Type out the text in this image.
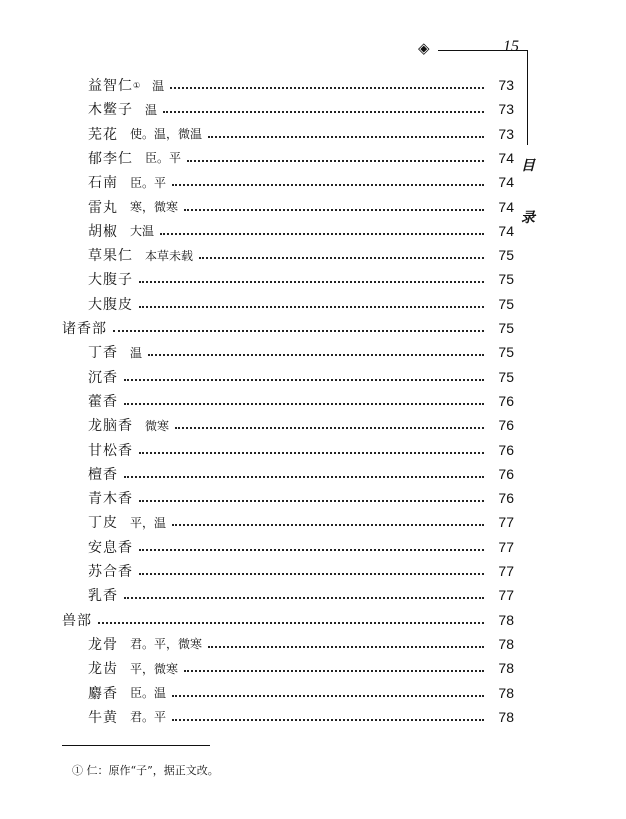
◈	15
目
录
益智仁 ① 温	73
木鳖子 温	73
芜花 使。温，微温	73
郁李仁 臣。平	74
石南 臣。平	74
雷丸 寒，微寒	74
胡椒 大温	74
草果仁 本草未载	75
大腹子	75
大腹皮	75
诸香部	75
丁香 温	75
沉香	75
藿香	76
龙脑香 微寒	76
甘松香	76
檀香	76
青木香	76
丁皮 平，温	77
安息香	77
苏合香	77
乳香	77
兽部	78
龙骨 君。平，微寒	78
龙齿 平，微寒	78
麝香 臣。温	78
牛黄 君。平	78
① 仁：原作“子”，据正文改。
